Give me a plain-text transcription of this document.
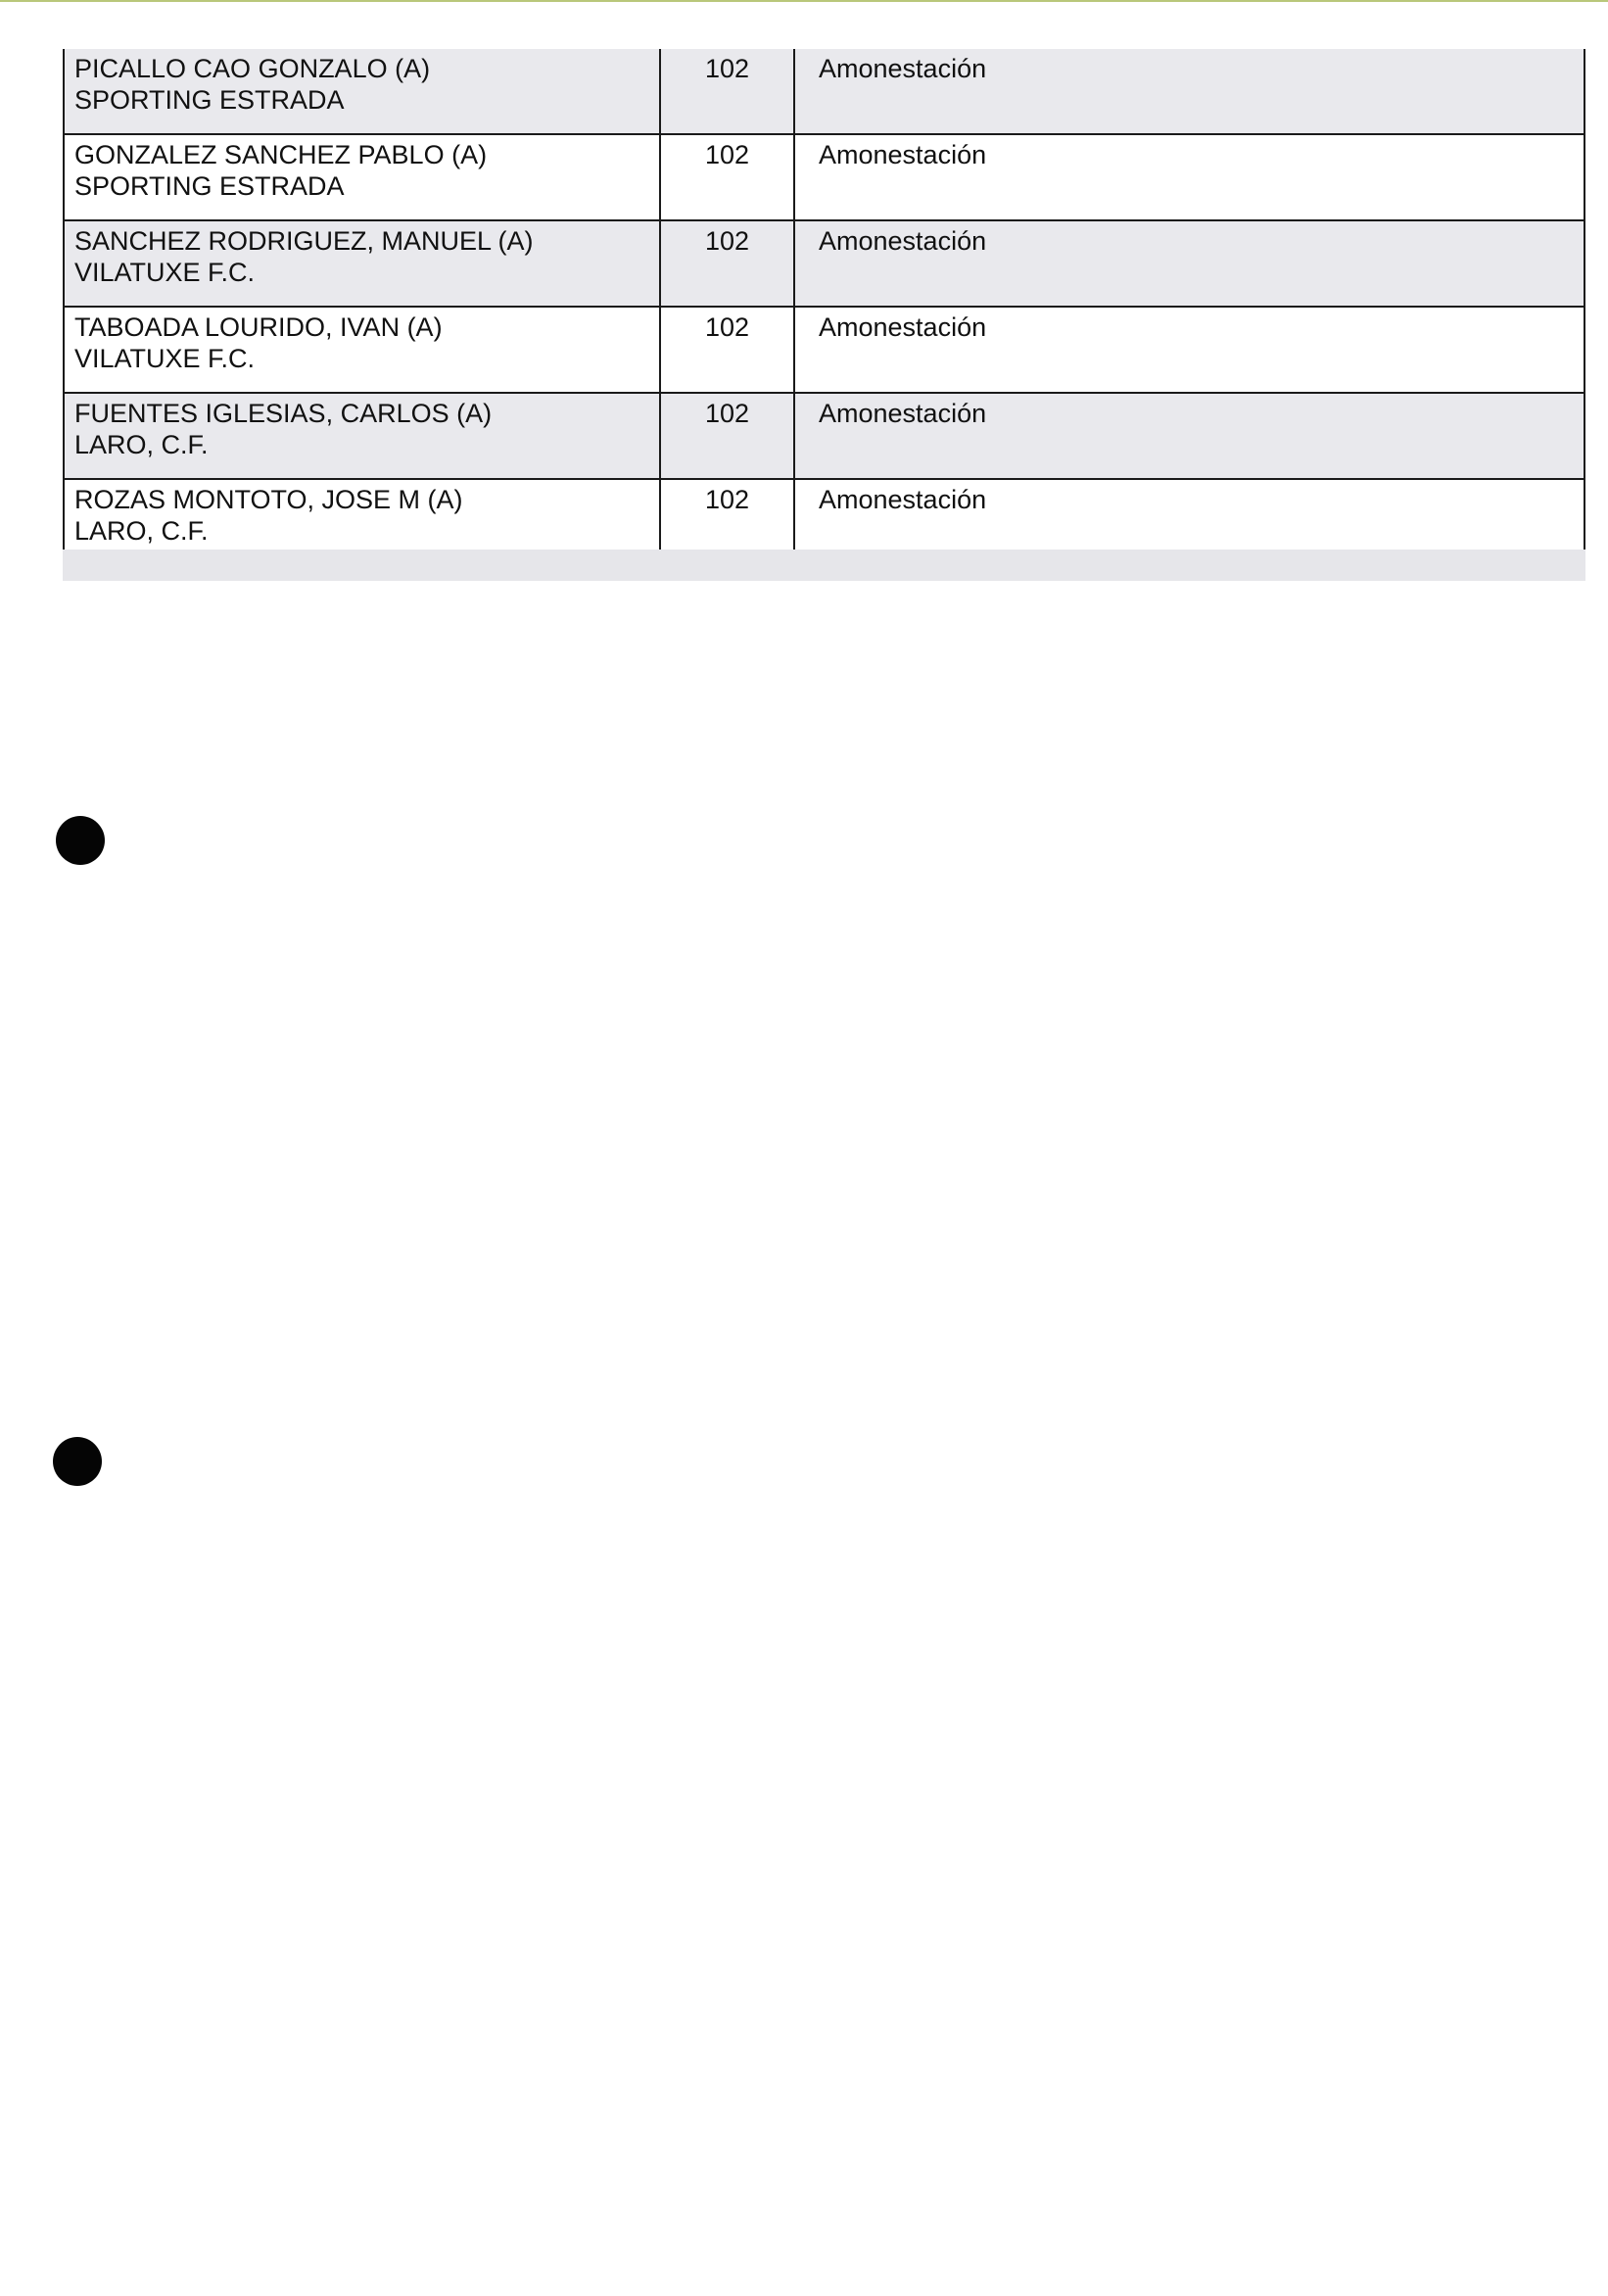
PICALLO CAO GONZALO (A)
SPORTING ESTRADA	102	Amonestación

GONZALEZ SANCHEZ PABLO (A)
SPORTING ESTRADA	102	Amonestación

SANCHEZ RODRIGUEZ, MANUEL (A)
VILATUXE F.C.	102	Amonestación

TABOADA LOURIDO, IVAN (A)
VILATUXE F.C.	102	Amonestación

FUENTES IGLESIAS, CARLOS (A)
LARO, C.F.	102	Amonestación

ROZAS MONTOTO, JOSE M (A)
LARO, C.F.	102	Amonestación
